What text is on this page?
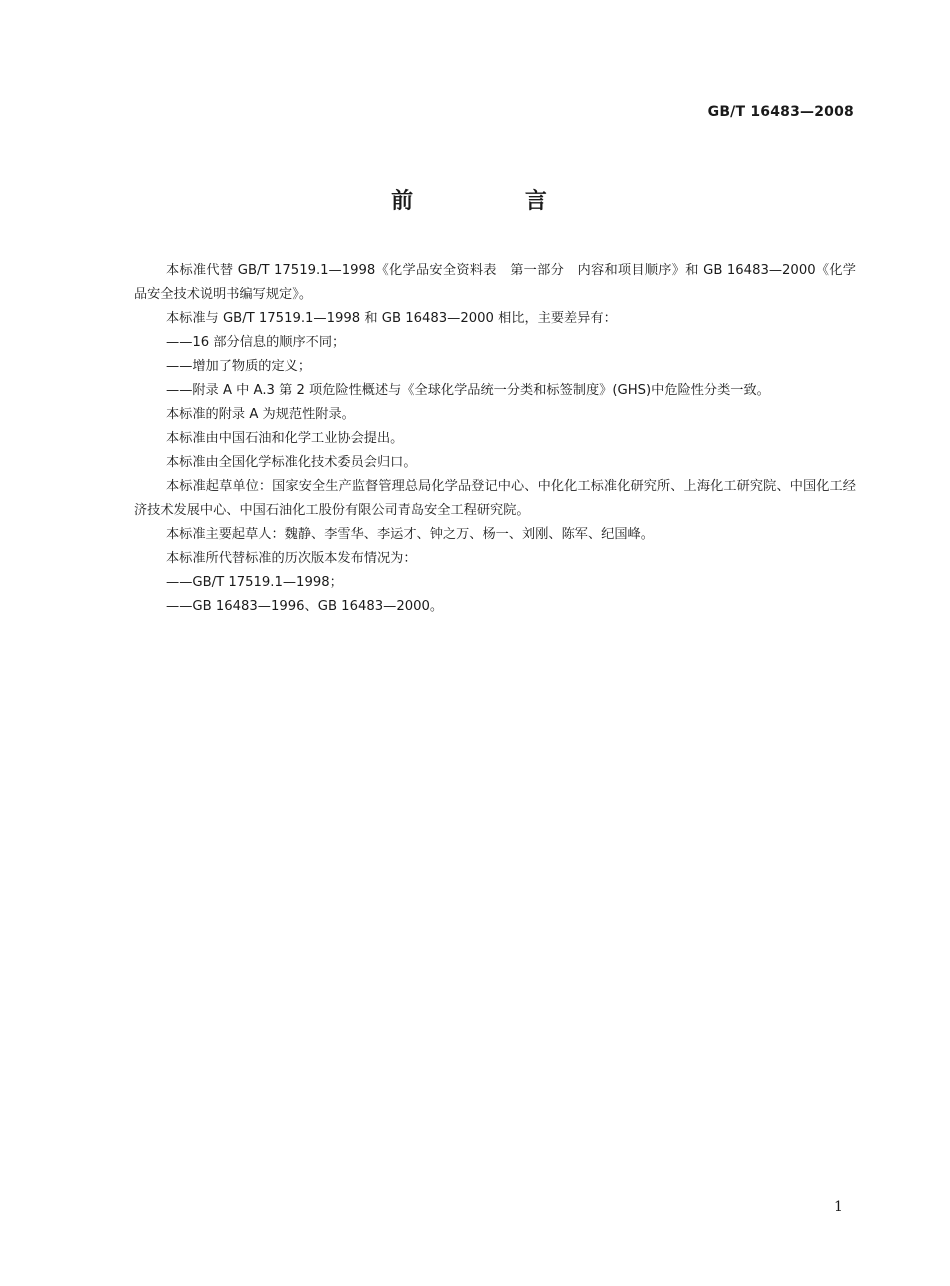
GB/T 16483—2008
前 言
本标准代替 GB/T 17519.1—1998《化学品安全资料表　第一部分　内容和项目顺序》和 GB 16483—2000《化学品安全技术说明书编写规定》。
本标准与 GB/T 17519.1—1998 和 GB 16483—2000 相比，主要差异有：
——16 部分信息的顺序不同；
——增加了物质的定义；
——附录 A 中 A.3 第 2 项危险性概述与《全球化学品统一分类和标签制度》(GHS)中危险性分类一致。
本标准的附录 A 为规范性附录。
本标准由中国石油和化学工业协会提出。
本标准由全国化学标准化技术委员会归口。
本标准起草单位：国家安全生产监督管理总局化学品登记中心、中化化工标准化研究所、上海化工研究院、中国化工经济技术发展中心、中国石油化工股份有限公司青岛安全工程研究院。
本标准主要起草人：魏静、李雪华、李运才、钟之万、杨一、刘刚、陈军、纪国峰。
本标准所代替标准的历次版本发布情况为：
——GB/T 17519.1—1998；
——GB 16483—1996、GB 16483—2000。
1
